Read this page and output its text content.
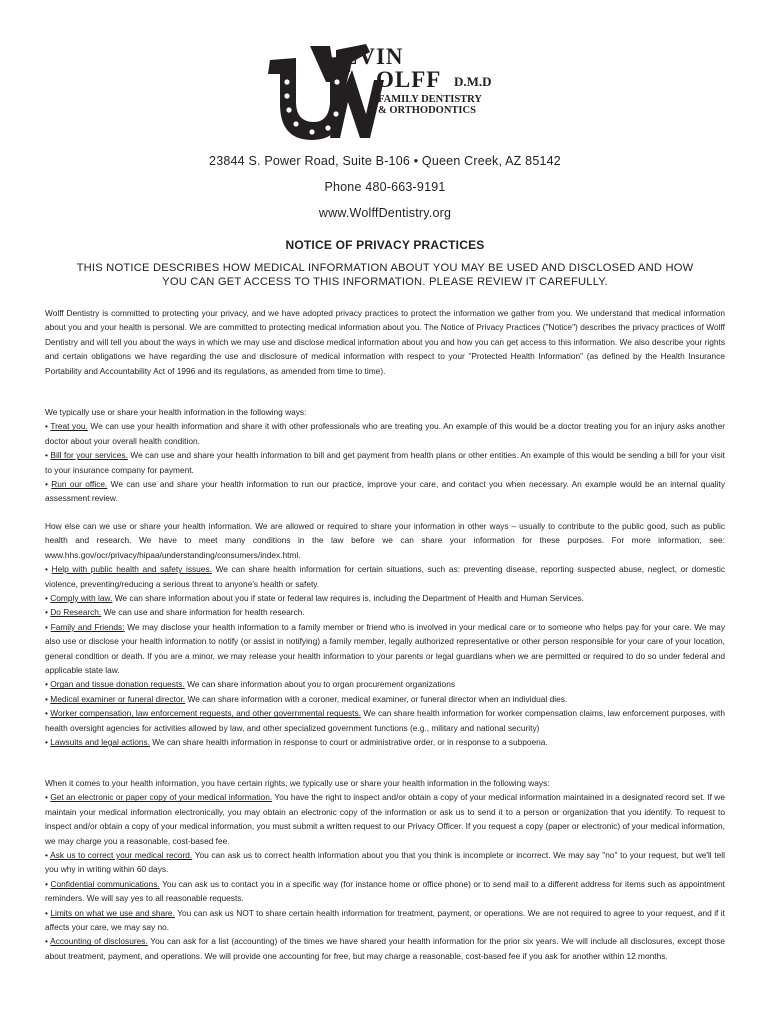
EVIN
OLFF D.M.D
FAMILY DENTISTRY
& ORTHODONTICS
23844 S. Power Road, Suite B-106 • Queen Creek, AZ 85142
Phone 480-663-9191
www.WolffDentistry.org
NOTICE OF PRIVACY PRACTICES
THIS NOTICE DESCRIBES HOW MEDICAL INFORMATION ABOUT YOU MAY BE USED AND DISCLOSED AND HOW YOU CAN GET ACCESS TO THIS INFORMATION. PLEASE REVIEW IT CAREFULLY.
Wolff Dentistry is committed to protecting your privacy, and we have adopted privacy practices to protect the information we gather from you. We understand that medical information about you and your health is personal. We are committed to protecting medical information about you. The Notice of Privacy Practices ("Notice") describes the privacy practices of Wolff Dentistry and will tell you about the ways in which we may use and disclose medical information about you and how you can get access to this information. We also describe your rights and certain obligations we have regarding the use and disclosure of medical information with respect to your "Protected Health Information" (as defined by the Health Insurance Portability and Accountability Act of 1996 and its regulations, as amended from time to time).
We typically use or share your health information in the following ways:
• Treat you. We can use your health information and share it with other professionals who are treating you. An example of this would be a doctor treating you for an injury asks another doctor about your overall health condition.
• Bill for your services. We can use and share your health information to bill and get payment from health plans or other entities. An example of this would be sending a bill for your visit to your insurance company for payment.
• Run our office. We can use and share your health information to run our practice, improve your care, and contact you when necessary. An example would be an internal quality assessment review.
How else can we use or share your health information. We are allowed or required to share your information in other ways – usually to contribute to the public good, such as public health and research. We have to meet many conditions in the law before we can share your information for these purposes. For more information, see: www.hhs.gov/ocr/privacy/hipaa/understanding/consumers/index.html.
• Help with public health and safety issues. We can share health information for certain situations, such as: preventing disease, reporting suspected abuse, neglect, or domestic violence, preventing/reducing a serious threat to anyone's health or safety.
• Comply with law. We can share information about you if state or federal law requires is, including the Department of Health and Human Services.
• Do Research. We can use and share information for health research.
• Family and Friends: We may disclose your health information to a family member or friend who is involved in your medical care or to someone who helps pay for your care. We may also use or disclose your health information to notify (or assist in notifying) a family member, legally authorized representative or other person responsible for your care of your location, general condition or death. If you are a minor, we may release your health information to your parents or legal guardians when we are permitted or required to do so under federal and applicable state law.
• Organ and tissue donation requests. We can share information about you to organ procurement organizations
• Medical examiner or funeral director. We can share information with a coroner, medical examiner, or funeral director when an individual dies.
• Worker compensation, law enforcement requests, and other governmental requests. We can share health information for worker compensation claims, law enforcement purposes, with health oversight agencies for activities allowed by law, and other specialized government functions (e.g., military and national security)
• Lawsuits and legal actions. We can share health information in response to court or administrative order, or in response to a subpoena.
When it comes to your health information, you have certain rights, we typically use or share your health information in the following ways:
• Get an electronic or paper copy of your medical information. You have the right to inspect and/or obtain a copy of your medical information maintained in a designated record set. If we maintain your medical information electronically, you may obtain an electronic copy of the information or ask us to send it to a person or organization that you identify. To request to inspect and/or obtain a copy of your medical information, you must submit a written request to our Privacy Officer. If you request a copy (paper or electronic) of your medical information, we may charge you a reasonable, cost-based fee.
• Ask us to correct your medical record. You can ask us to correct health information about you that you think is incomplete or incorrect. We may say "no" to your request, but we'll tell you why in writing within 60 days.
• Confidential communications. You can ask us to contact you in a specific way (for instance home or office phone) or to send mail to a different address for items such as appointment reminders. We will say yes to all reasonable requests.
• Limits on what we use and share. You can ask us NOT to share certain health information for treatment, payment, or operations. We are not required to agree to your request, and if it affects your care, we may say no.
• Accounting of disclosures. You can ask for a list (accounting) of the times we have shared your health information for the prior six years. We will include all disclosures, except those about treatment, payment, and operations. We will provide one accounting for free, but may charge a reasonable, cost-based fee if you ask for another within 12 months.
